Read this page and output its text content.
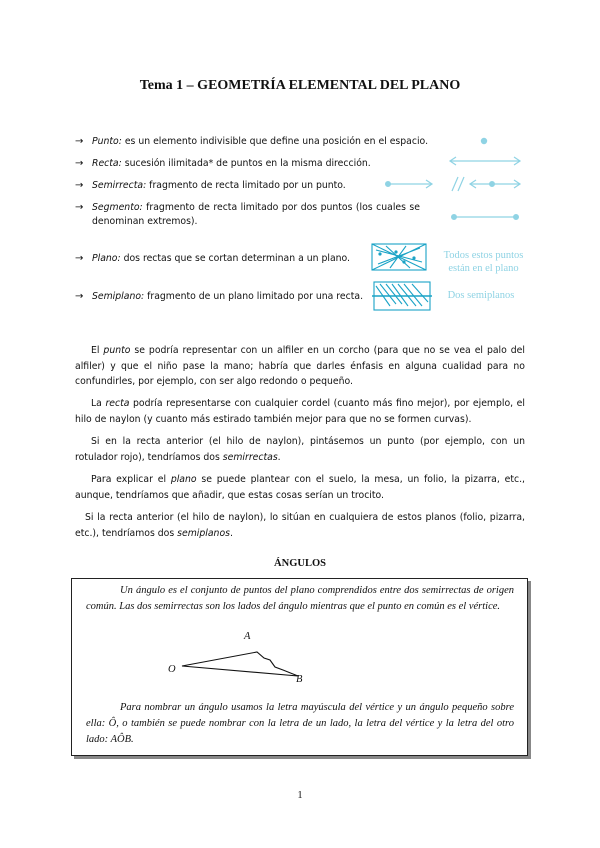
Tema 1 – GEOMETRÍA ELEMENTAL DEL PLANO
→ Punto: es un elemento indivisible que define una posición en el espacio.
→ Recta: sucesión ilimitada* de puntos en la misma dirección.
→ Semirrecta: fragmento de recta limitado por un punto.
→ Segmento: fragmento de recta limitado por dos puntos (los cuales se denominan extremos).
→ Plano: dos rectas que se cortan determinan a un plano.
→ Semiplano: fragmento de un plano limitado por una recta.
Todos estos puntos están en el plano
Dos semiplanos
El punto se podría representar con un alfiler en un corcho (para que no se vea el palo del alfiler) y que el niño pase la mano; habría que darles énfasis en alguna cualidad para no confundirles, por ejemplo, con ser algo redondo o pequeño.
La recta podría representarse con cualquier cordel (cuanto más fino mejor), por ejemplo, el hilo de naylon (y cuanto más estirado también mejor para que no se formen curvas).
Si en la recta anterior (el hilo de naylon), pintásemos un punto (por ejemplo, con un rotulador rojo), tendríamos dos semirrectas.
Para explicar el plano se puede plantear con el suelo, la mesa, un folio, la pizarra, etc., aunque, tendríamos que añadir, que estas cosas serían un trocito.
Si la recta anterior (el hilo de naylon), lo sitúan en cualquiera de estos planos (folio, pizarra, etc.), tendríamos dos semiplanos.
ÁNGULOS
Un ángulo es el conjunto de puntos del plano comprendidos entre dos semirrectas de origen común. Las dos semirrectas son los lados del ángulo mientras que el punto en común es el vértice.
A
O
B
Para nombrar un ángulo usamos la letra mayúscula del vértice y un ángulo pequeño sobre ella: Ô, o también se puede nombrar con la letra de un lado, la letra del vértice y la letra del otro lado: AÔB.
1
